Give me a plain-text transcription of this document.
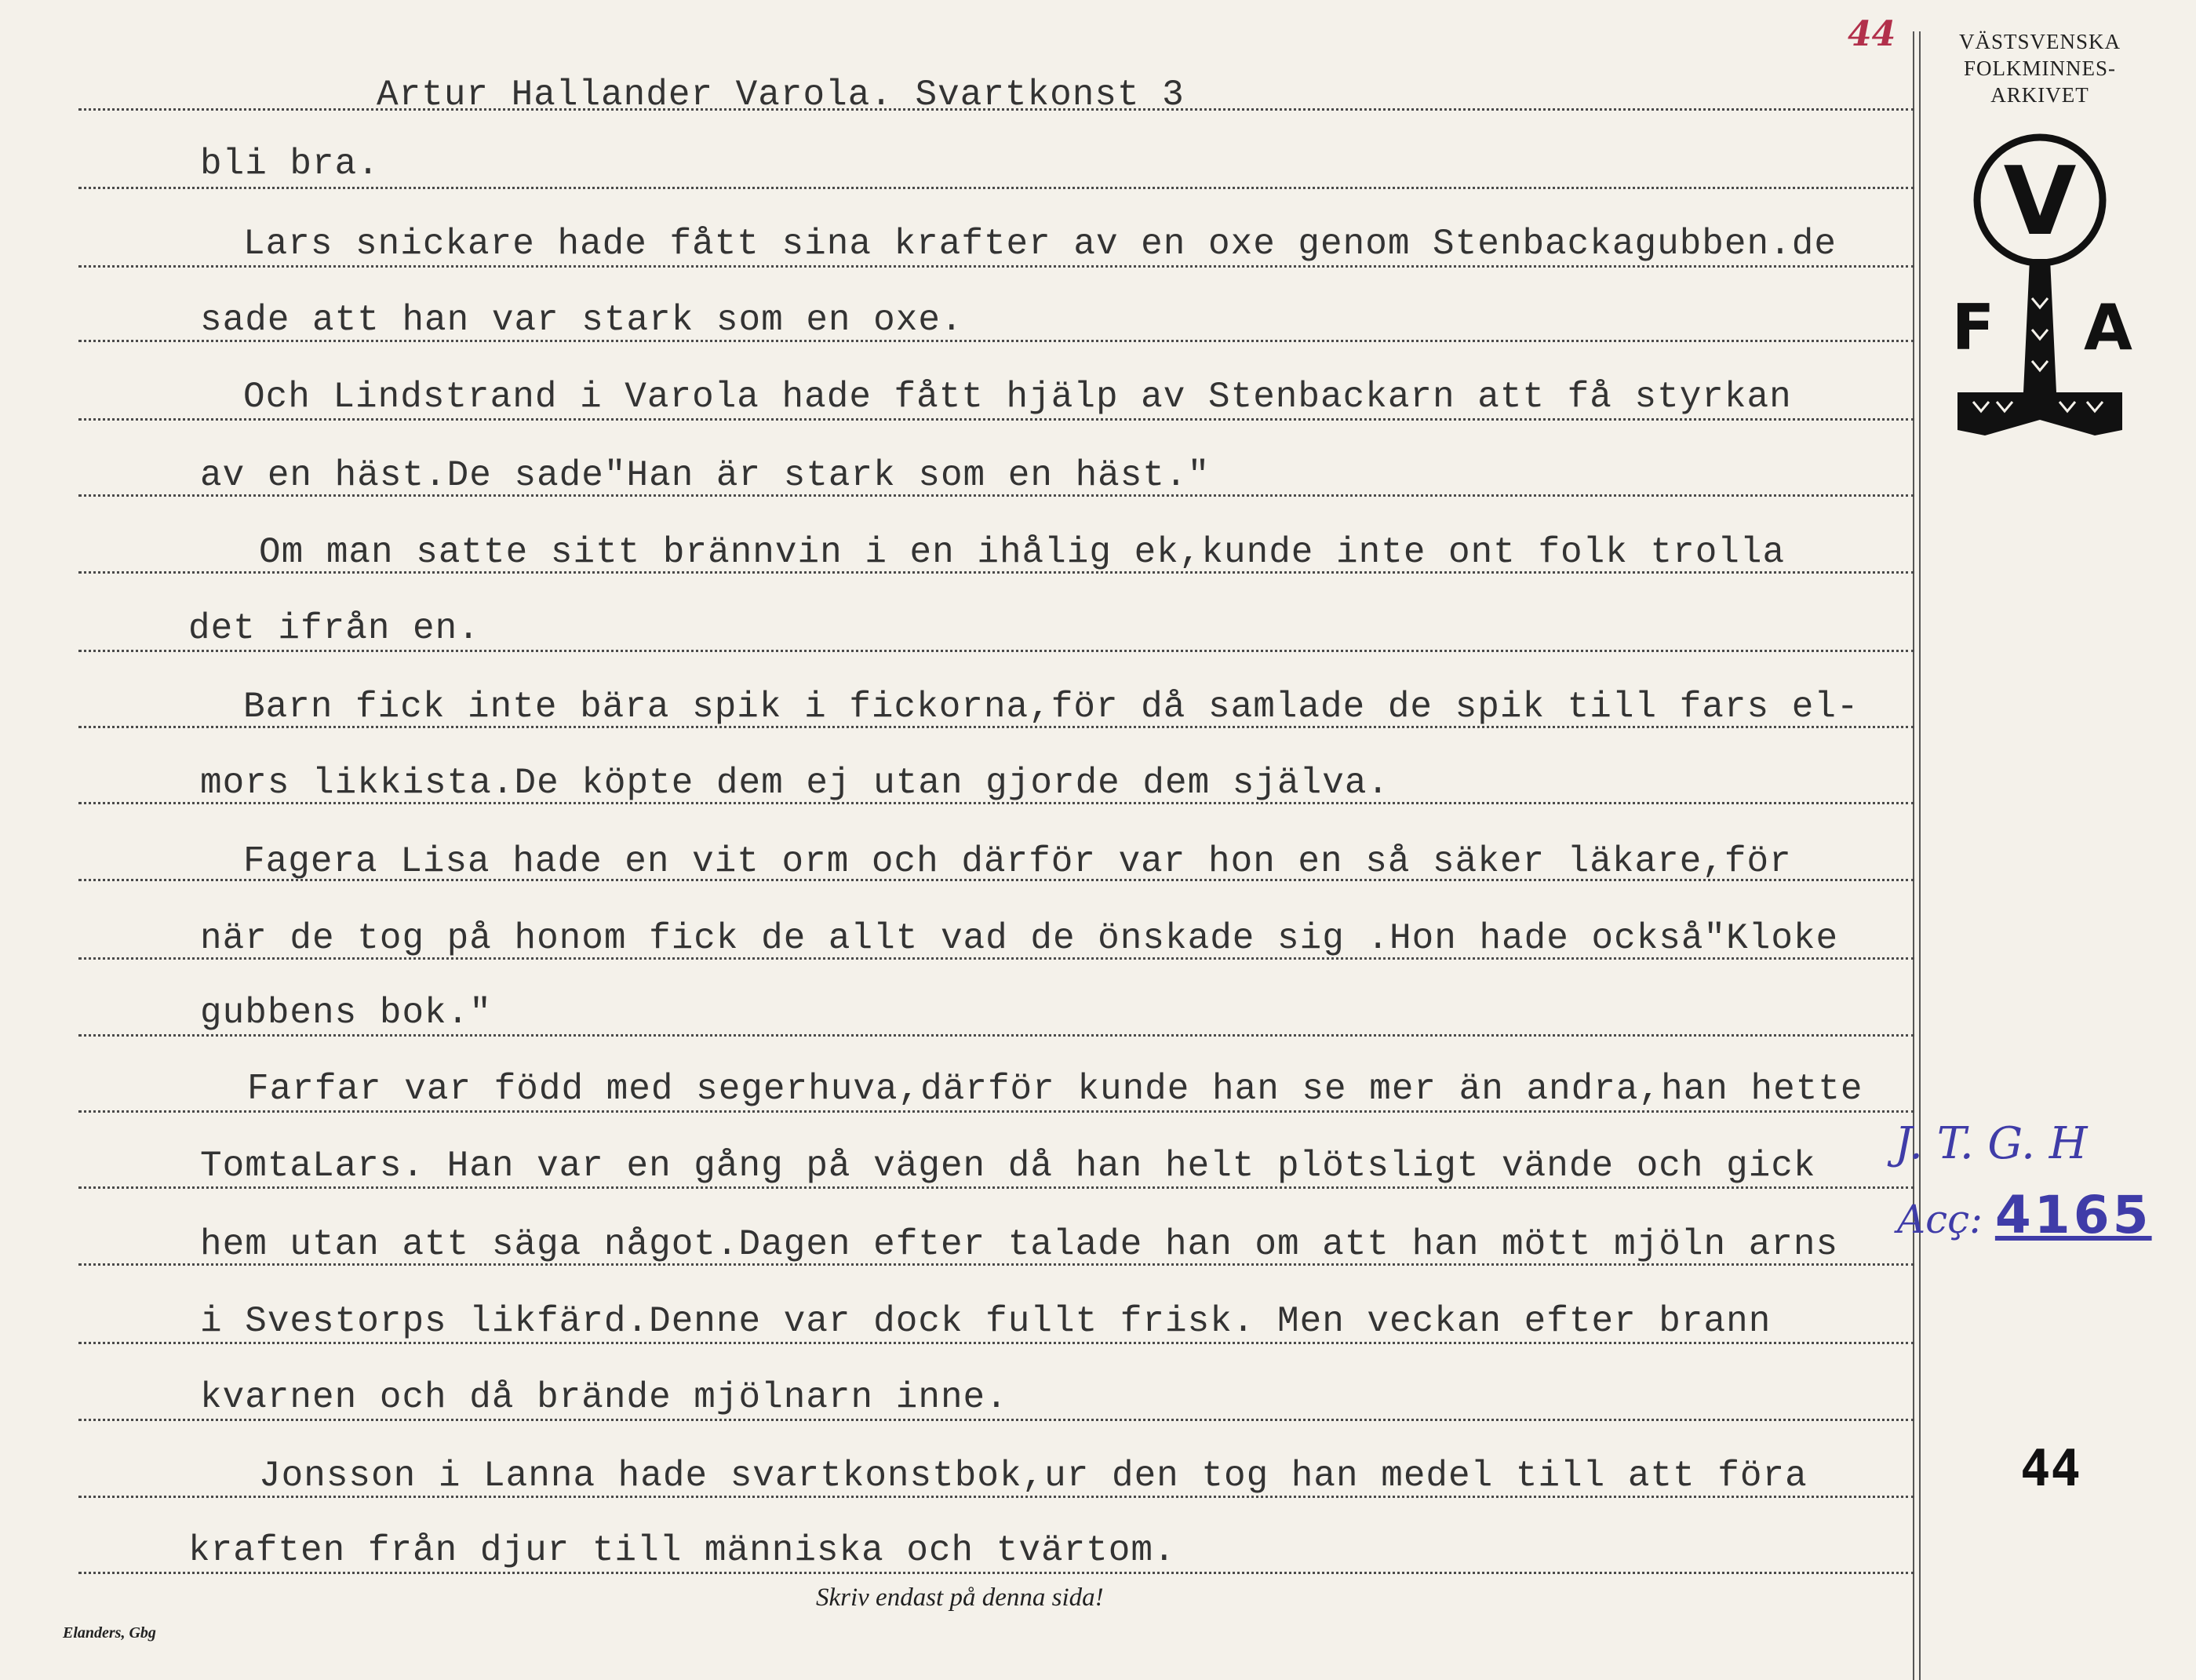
Artur Hallander Varola. Svartkonst 3
44	VÄSTSVENSKA
FOLKMINNES-
ARKIVET
V
F A
bli bra.
Lars snickare hade fått sina krafter av en oxe genom Stenbackagubben.de
sade att han var stark som en oxe.
Och Lindstrand i Varola hade fått hjälp av Stenbackarn att få styrkan
av en häst.De sade"Han är stark som en häst."
Om man satte sitt brännvin i en ihålig ek,kunde inte ont folk trolla
det ifrån en.
Barn fick inte bära spik i fickorna,för då samlade de spik till fars el-
mors likkista.De köpte dem ej utan gjorde dem själva.
Fagera Lisa hade en vit orm och därför var hon en så säker läkare,för
när de tog på honom fick de allt vad de önskade sig .Hon hade också"Kloke
gubbens bok."
Farfar var född med segerhuva,därför kunde han se mer än andra,han hette
TomtaLars. Han var en gång på vägen då han helt plötsligt vände och gick
hem utan att säga något.Dagen efter talade han om att han mött mjöln arns
i Svestorps likfärd.Denne var dock fullt frisk. Men veckan efter brann
kvarnen och då brände mjölnarn inne.
Jonsson i Lanna hade svartkonstbok,ur den tog han medel till att föra
kraften från djur till människa och tvärtom.
J. T. G. H
Acç: 4165
44
Skriv endast på denna sida!
Elanders, Gbg
